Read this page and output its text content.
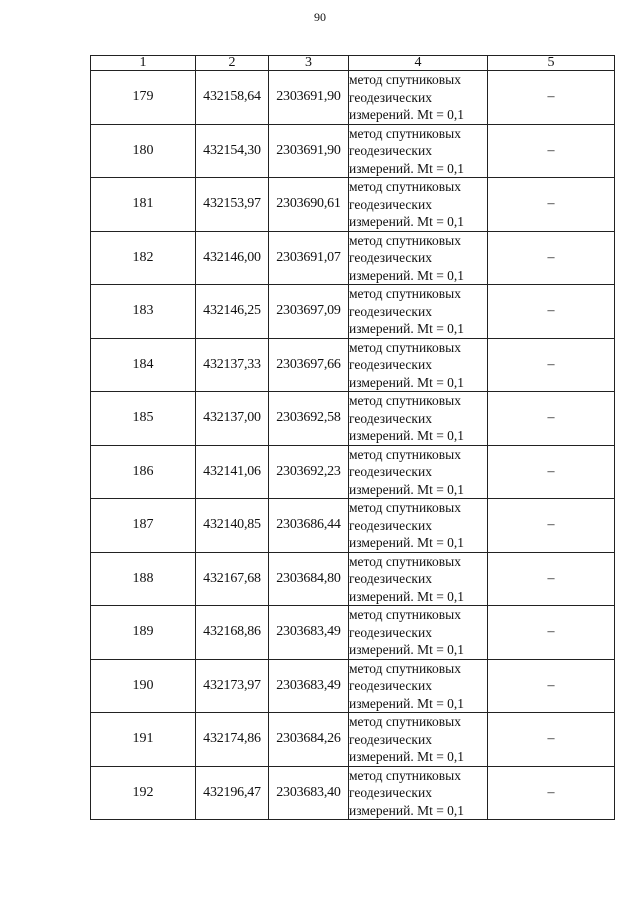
90
1	2	3	4	5
179	432158,64	2303691,90	метод спутниковых
геодезических
измерений. Mt = 0,1	–
180	432154,30	2303691,90	метод спутниковых
геодезических
измерений. Mt = 0,1	–
181	432153,97	2303690,61	метод спутниковых
геодезических
измерений. Mt = 0,1	–
182	432146,00	2303691,07	метод спутниковых
геодезических
измерений. Mt = 0,1	–
183	432146,25	2303697,09	метод спутниковых
геодезических
измерений. Mt = 0,1	–
184	432137,33	2303697,66	метод спутниковых
геодезических
измерений. Mt = 0,1	–
185	432137,00	2303692,58	метод спутниковых
геодезических
измерений. Mt = 0,1	–
186	432141,06	2303692,23	метод спутниковых
геодезических
измерений. Mt = 0,1	–
187	432140,85	2303686,44	метод спутниковых
геодезических
измерений. Mt = 0,1	–
188	432167,68	2303684,80	метод спутниковых
геодезических
измерений. Mt = 0,1	–
189	432168,86	2303683,49	метод спутниковых
геодезических
измерений. Mt = 0,1	–
190	432173,97	2303683,49	метод спутниковых
геодезических
измерений. Mt = 0,1	–
191	432174,86	2303684,26	метод спутниковых
геодезических
измерений. Mt = 0,1	–
192	432196,47	2303683,40	метод спутниковых
геодезических
измерений. Mt = 0,1	–
